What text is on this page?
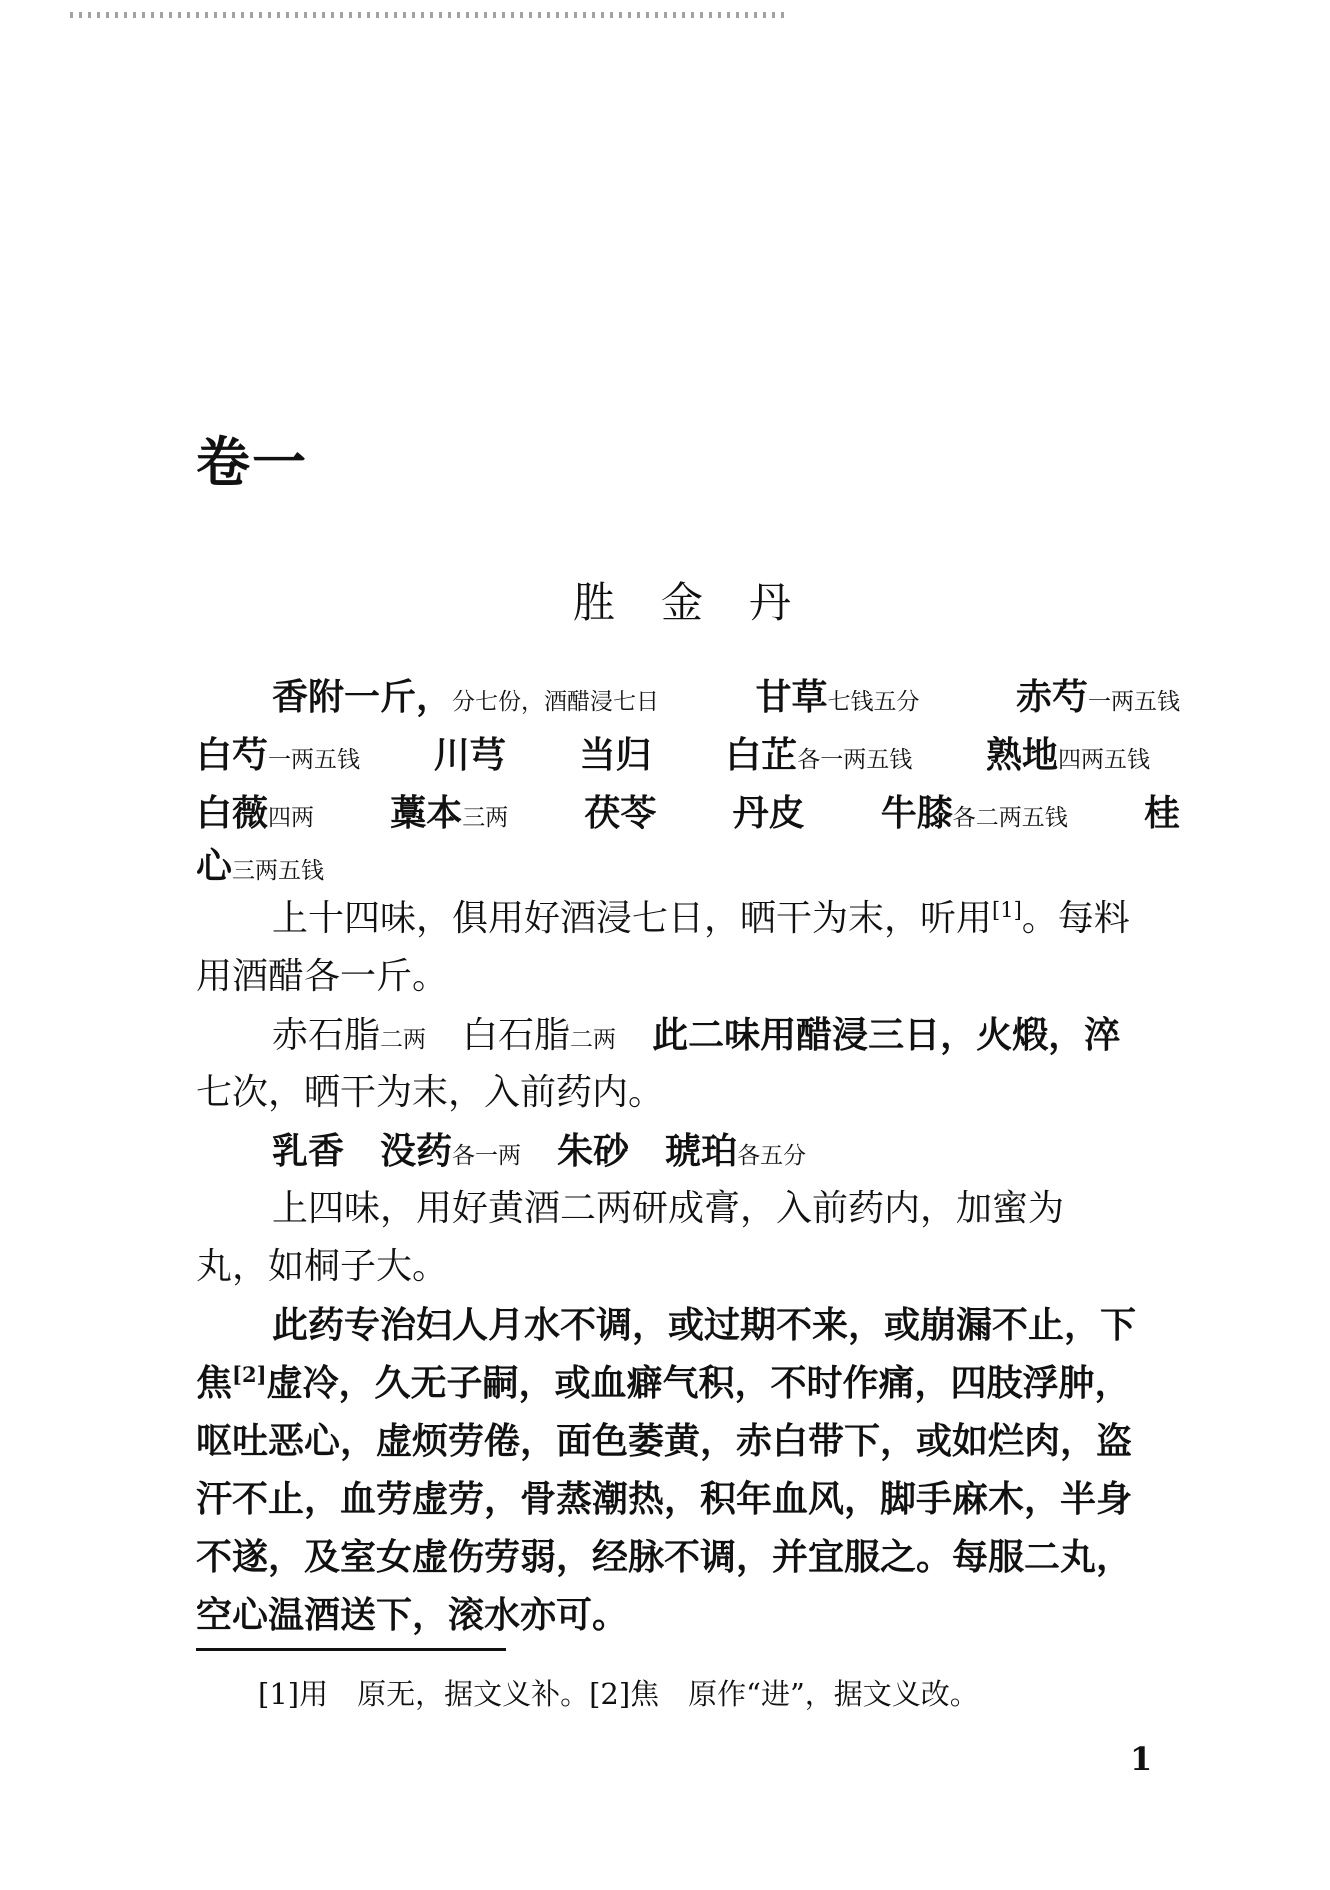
卷一
胜金丹
香附一斤，分七份，酒醋浸七日	甘草七钱五分	赤芍一两五钱
白芍一两五钱 川芎 当归 白芷各一两五钱 熟地四两五钱
白薇四两 藁本三两 茯苓 丹皮 牛膝各二两五钱 桂
心三两五钱
上十四味，俱用好酒浸七日，晒干为末，听用[1]。每料
用酒醋各一斤。
赤石脂二两　 白石脂二两　 此二味用醋浸三日，火煅，淬
七次，晒干为末，入前药内。
乳香　 没药各一两　 朱砂　 琥珀各五分
上四味，用好黄酒二两研成膏，入前药内，加蜜为
丸，如桐子大。
此药专治妇人月水不调，或过期不来，或崩漏不止，下
焦[2]虚冷，久无子嗣，或血癖气积，不时作痛，四肢浮肿，
呕吐恶心，虚烦劳倦，面色萎黄，赤白带下，或如烂肉，盗
汗不止，血劳虚劳，骨蒸潮热，积年血风，脚手麻木，半身
不遂，及室女虚伤劳弱，经脉不调，并宜服之。每服二丸，
空心温酒送下，滚水亦可。
[1]用　原无，据文义补。[2]焦　原作“进”，据文义改。
1
